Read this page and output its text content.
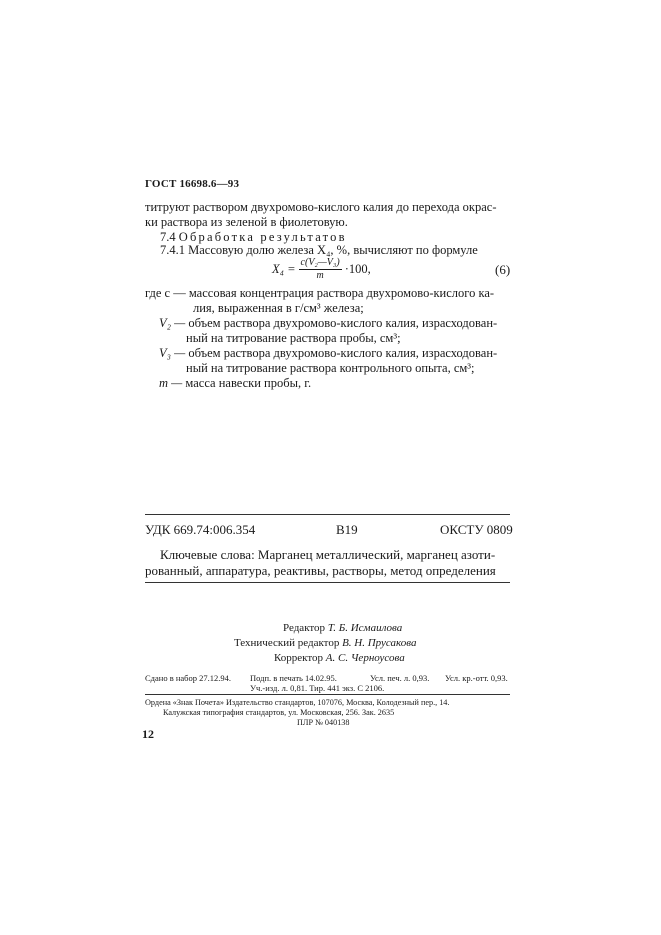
ГОСТ 16698.6—93
титруют раствором двухромово-кислого калия до перехода окрас-
ки раствора из зеленой в фиолетовую.
7.4 Обработка результатов
7.4.1 Массовую долю железа X₄, %, вычисляют по формуле
$X_4 = \frac{\text{c(V₂—V₃)}}{m} \cdot 100$,	(6)
где c — массовая концентрация раствора двухромово-кислого ка-
лия, выраженная в г/см³ железа;
V₂ — объем раствора двухромово-кислого калия, израсходован-
ный на титрование раствора пробы, см³;
V₃ — объем раствора двухромово-кислого калия, израсходован-
ный на титрование раствора контрольного опыта, см³;
m — масса навески пробы, г.
УДК 669.74:006.354	В19	ОКСТУ 0809
Ключевые слова: Марганец металлический, марганец азоти-
рованный, аппаратура, реактивы, растворы, метод определения
Редактор Т. Б. Исмаилова
Технический редактор В. Н. Прусакова
Корректор А. С. Черноусова
Сдано в набор 27.12.94. Подп. в печать 14.02.95.	Усл. печ. л. 0,93. Усл. кр.-отт. 0,93.
Уч.-изд. л. 0,81. Тир. 441 экз. С 2106.
Ордена «Знак Почета» Издательство стандартов, 107076, Москва, Колодезный пер., 14.
Калужская типография стандартов, ул. Московская, 256. Зак. 2635
ПЛР № 040138
12
